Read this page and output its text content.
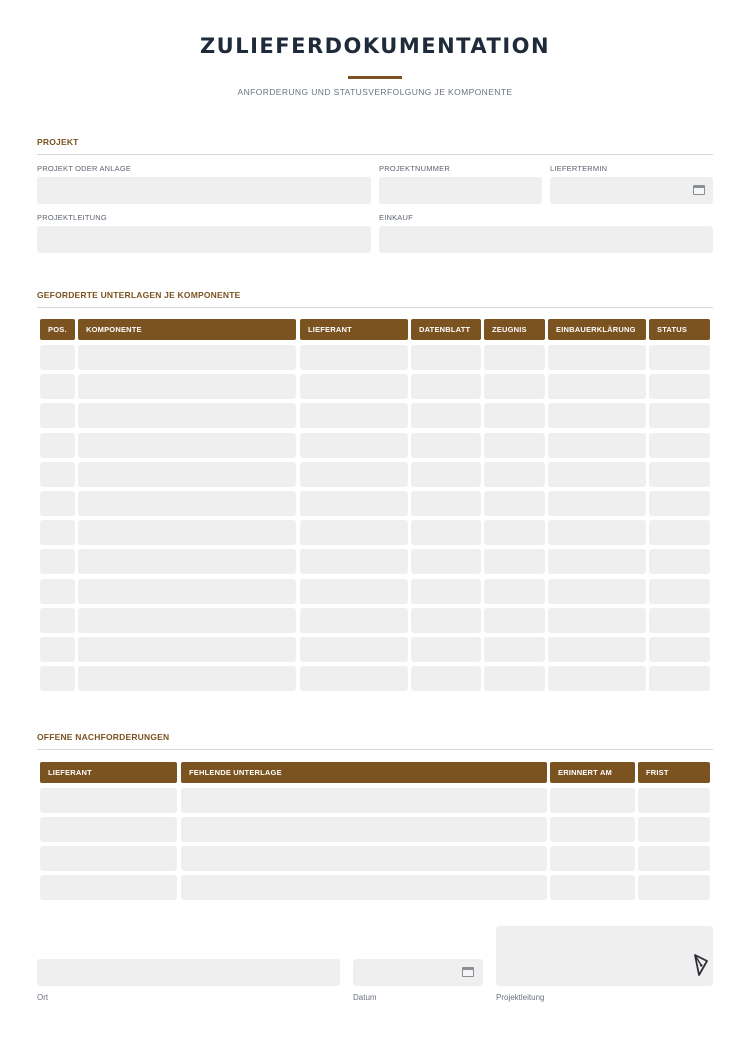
ZULIEFERDOKUMENTATION
ANFORDERUNG UND STATUSVERFOLGUNG JE KOMPONENTE
PROJEKT
PROJEKT ODER ANLAGE	PROJEKTNUMMER	LIEFERTERMIN
PROJEKTLEITUNG	EINKAUF
GEFORDERTE UNTERLAGEN JE KOMPONENTE
POS.	KOMPONENTE	LIEFERANT	DATENBLATT	ZEUGNIS	EINBAUERKLÄRUNG	STATUS
OFFENE NACHFORDERUNGEN
LIEFERANT	FEHLENDE UNTERLAGE	ERINNERT AM	FRIST
Ort	Datum	Projektleitung
